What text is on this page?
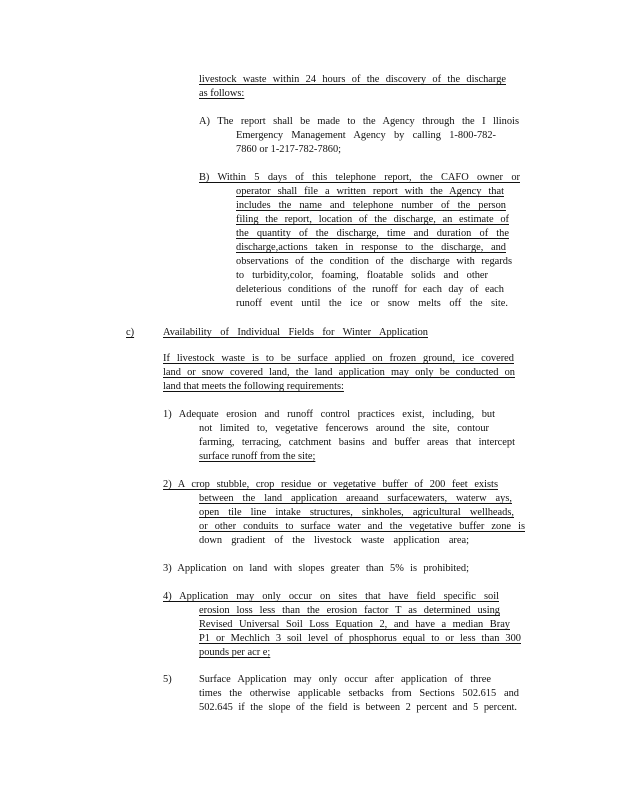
livestock waste within 24 hours of the discovery of the discharge
as follows:
A) The report shall be made to the Agency through the I llinois
Emergency Management Agency by calling 1-800-782-
7860 or 1-217-782-7860;
B) Within 5 days of this telephone report, the CAFO owner or
operator shall file a written report with the Agency that
includes the name and telephone number of the person
filing the report, location of the discharge, an estimate of
the quantity of the discharge, time and duration of the
discharge,actions taken in response to the discharge, and
observations of the condition of the discharge with regards
to turbidity,color, foaming, floatable solids and other
deleterious conditions of the runoff for each day of each
runoff event until the ice or snow melts off the site.
c)	Availability of Individual Fields for Winter Application
If livestock waste is to be surface applied on frozen ground, ice covered
land or snow covered land, the land application may only be conducted on
land that meets the following requirements:
1) Adequate erosion and runoff control practices exist, including, but
not limited to, vegetative fencerows around the site, contour
farming, terracing, catchment basins and buffer areas that intercept
surface runoff from the site;
2) A crop stubble, crop residue or vegetative buffer of 200 feet exists
between the land application areaand surfacewaters, waterw ays,
open tile line intake structures, sinkholes, agricultural wellheads,
or other conduits to surface water and the vegetative buffer zone is
down gradient of the livestock waste application area;
3) Application on land with slopes greater than 5% is prohibited;
4) Application may only occur on sites that have field specific soil
erosion loss less than the erosion factor T as determined using
Revised Universal Soil Loss Equation 2, and have a median Bray
P1 or Mechlich 3 soil level of phosphorus equal to or less than 300
pounds per acr e;
5)	Surface Application may only occur after application of three
times the otherwise applicable setbacks from Sections 502.615 and
502.645 if the slope of the field is between 2 percent and 5 percent.
